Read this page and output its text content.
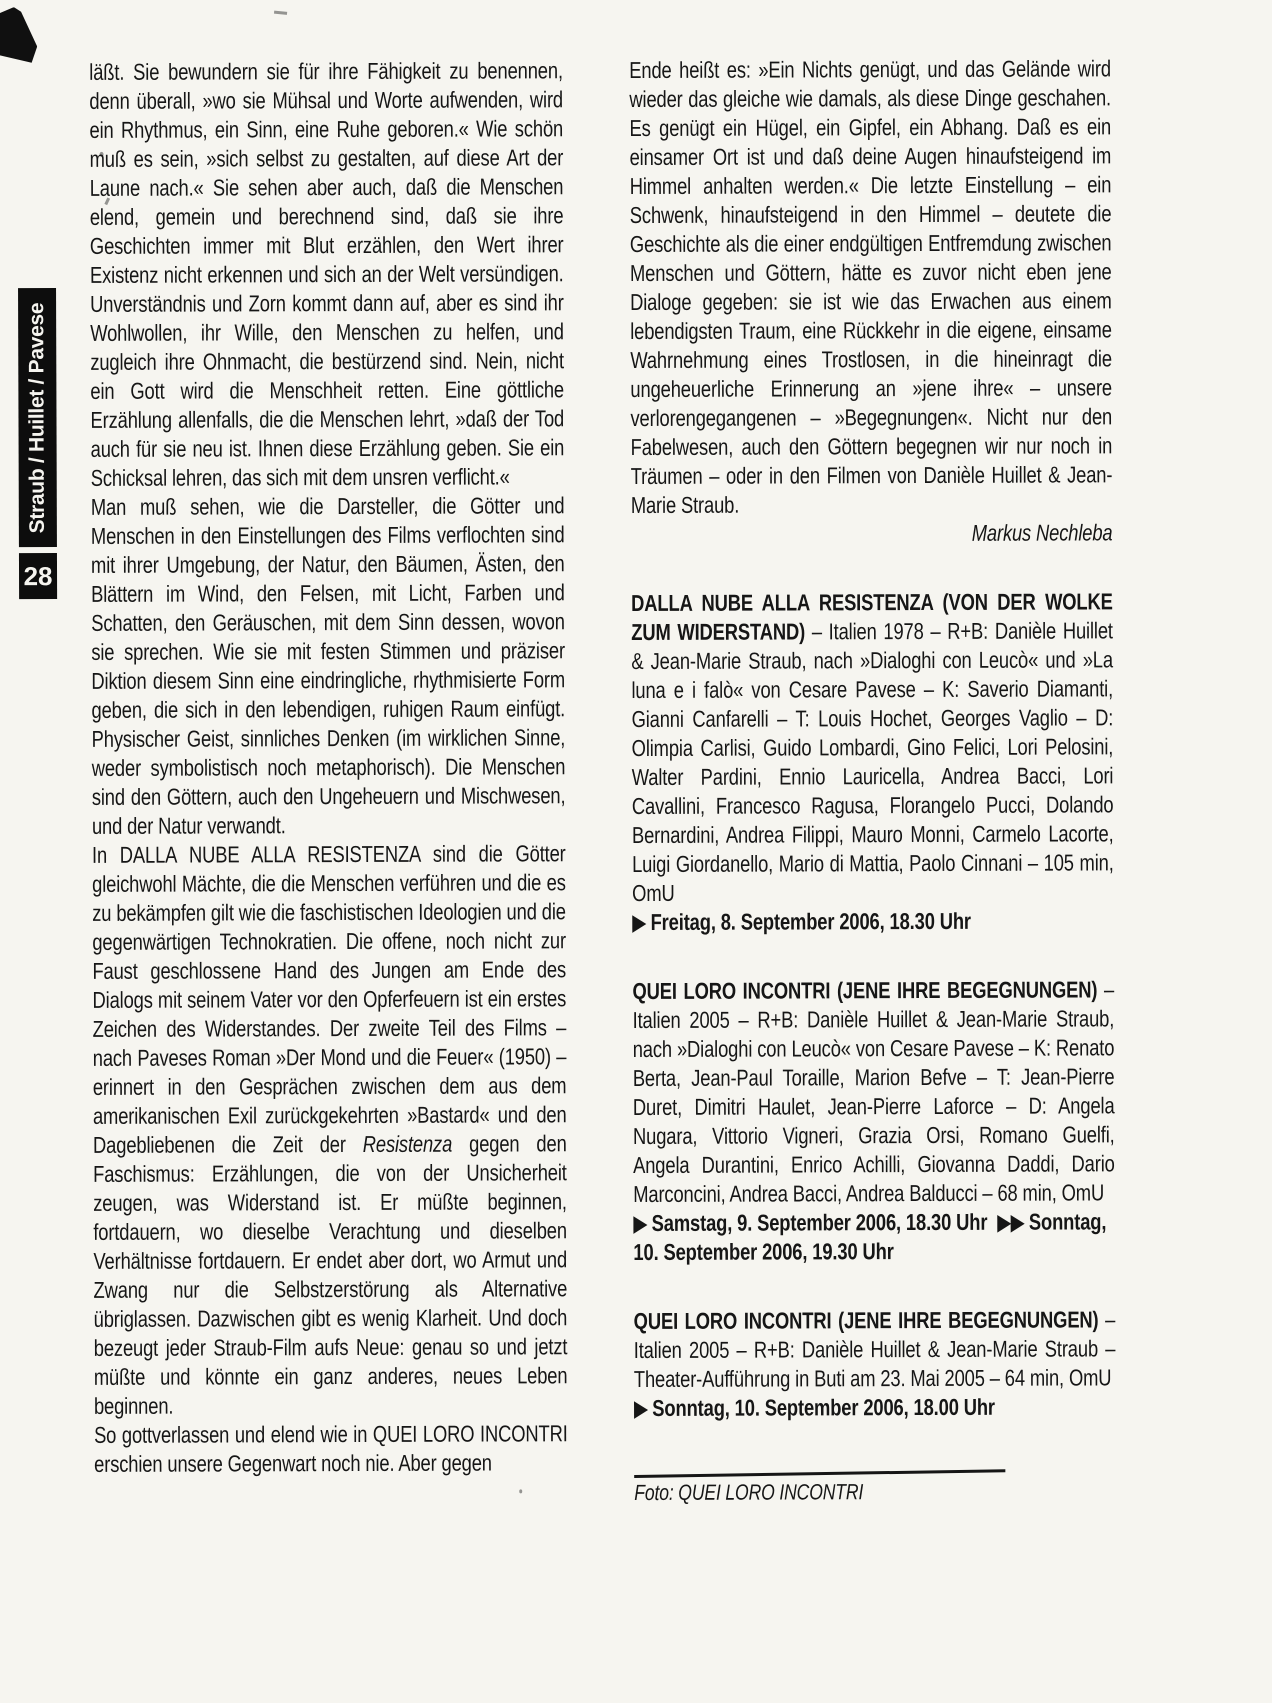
Straub / Huillet / Pavese
28

läßt. Sie bewundern sie für ihre Fähigkeit zu benennen, denn überall, »wo sie Mühsal und Worte aufwenden, wird ein Rhythmus, ein Sinn, eine Ruhe geboren.« Wie schön muß es sein, »sich selbst zu gestalten, auf diese Art der Laune nach.« Sie sehen aber auch, daß die Menschen elend, gemein und berechnend sind, daß sie ihre Geschichten immer mit Blut erzählen, den Wert ihrer Existenz nicht erkennen und sich an der Welt versündigen. Unverständnis und Zorn kommt dann auf, aber es sind ihr Wohlwollen, ihr Wille, den Menschen zu helfen, und zugleich ihre Ohnmacht, die bestürzend sind. Nein, nicht ein Gott wird die Menschheit retten. Eine göttliche Erzählung allenfalls, die die Menschen lehrt, »daß der Tod auch für sie neu ist. Ihnen diese Erzählung geben. Sie ein Schicksal lehren, das sich mit dem unsren verflicht.«

Man muß sehen, wie die Darsteller, die Götter und Menschen in den Einstellungen des Films verflochten sind mit ihrer Umgebung, der Natur, den Bäumen, Ästen, den Blättern im Wind, den Felsen, mit Licht, Farben und Schatten, den Geräuschen, mit dem Sinn dessen, wovon sie sprechen. Wie sie mit festen Stimmen und präziser Diktion diesem Sinn eine eindringliche, rhythmisierte Form geben, die sich in den lebendigen, ruhigen Raum einfügt. Physischer Geist, sinnliches Denken (im wirklichen Sinne, weder symbolistisch noch metaphorisch). Die Menschen sind den Göttern, auch den Ungeheuern und Mischwesen, und der Natur verwandt.

In DALLA NUBE ALLA RESISTENZA sind die Götter gleichwohl Mächte, die die Menschen verführen und die es zu bekämpfen gilt wie die faschistischen Ideologien und die gegenwärtigen Technokratien. Die offene, noch nicht zur Faust geschlossene Hand des Jungen am Ende des Dialogs mit seinem Vater vor den Opferfeuern ist ein erstes Zeichen des Widerstandes. Der zweite Teil des Films – nach Paveses Roman »Der Mond und die Feuer« (1950) – erinnert in den Gesprächen zwischen dem aus dem amerikanischen Exil zurückgekehrten »Bastard« und den Dagebliebenen die Zeit der Resistenza gegen den Faschismus: Erzählungen, die von der Unsicherheit zeugen, was Widerstand ist. Er müßte beginnen, fortdauern, wo dieselbe Verachtung und dieselben Verhältnisse fortdauern. Er endet aber dort, wo Armut und Zwang nur die Selbstzerstörung als Alternative übriglassen. Dazwischen gibt es wenig Klarheit. Und doch bezeugt jeder Straub-Film aufs Neue: genau so und jetzt müßte und könnte ein ganz anderes, neues Leben beginnen.

So gottverlassen und elend wie in QUEI LORO INCONTRI erschien unsere Gegenwart noch nie. Aber gegen

Ende heißt es: »Ein Nichts genügt, und das Gelände wird wieder das gleiche wie damals, als diese Dinge geschahen. Es genügt ein Hügel, ein Gipfel, ein Abhang. Daß es ein einsamer Ort ist und daß deine Augen hinaufsteigend im Himmel anhalten werden.« Die letzte Einstellung – ein Schwenk, hinaufsteigend in den Himmel – deutete die Geschichte als die einer endgültigen Entfremdung zwischen Menschen und Göttern, hätte es zuvor nicht eben jene Dialoge gegeben: sie ist wie das Erwachen aus einem lebendigsten Traum, eine Rückkehr in die eigene, einsame Wahrnehmung eines Trostlosen, in die hineinragt die ungeheuerliche Erinnerung an »jene ihre« – unsere verlorengegangenen – »Begegnungen«. Nicht nur den Fabelwesen, auch den Göttern begegnen wir nur noch in Träumen – oder in den Filmen von Danièle Huillet & Jean-Marie Straub.

Markus Nechleba

DALLA NUBE ALLA RESISTENZA (VON DER WOLKE ZUM WIDERSTAND) – Italien 1978 – R+B: Danièle Huillet & Jean-Marie Straub, nach »Dialoghi con Leucò« und »La luna e i falò« von Cesare Pavese – K: Saverio Diamanti, Gianni Canfarelli – T: Louis Hochet, Georges Vaglio – D: Olimpia Carlisi, Guido Lombardi, Gino Felici, Lori Pelosini, Walter Pardini, Ennio Lauricella, Andrea Bacci, Lori Cavallini, Francesco Ragusa, Florangelo Pucci, Dolando Bernardini, Andrea Filippi, Mauro Monni, Carmelo Lacorte, Luigi Giordanello, Mario di Mattia, Paolo Cinnani – 105 min, OmU

▶ Freitag, 8. September 2006, 18.30 Uhr

QUEI LORO INCONTRI (JENE IHRE BEGEGNUNGEN) – Italien 2005 – R+B: Danièle Huillet & Jean-Marie Straub, nach »Dialoghi con Leucò« von Cesare Pavese – K: Renato Berta, Jean-Paul Toraille, Marion Befve – T: Jean-Pierre Duret, Dimitri Haulet, Jean-Pierre Laforce – D: Angela Nugara, Vittorio Vigneri, Grazia Orsi, Romano Guelfi, Angela Durantini, Enrico Achilli, Giovanna Daddi, Dario Marconcini, Andrea Bacci, Andrea Balducci – 68 min, OmU

▶ Samstag, 9. September 2006, 18.30 Uhr ▶▶ Sonntag, 10. September 2006, 19.30 Uhr

QUEI LORO INCONTRI (JENE IHRE BEGEGNUNGEN) – Italien 2005 – R+B: Danièle Huillet & Jean-Marie Straub – Theater-Aufführung in Buti am 23. Mai 2005 – 64 min, OmU

▶ Sonntag, 10. September 2006, 18.00 Uhr

Foto: QUEI LORO INCONTRI
